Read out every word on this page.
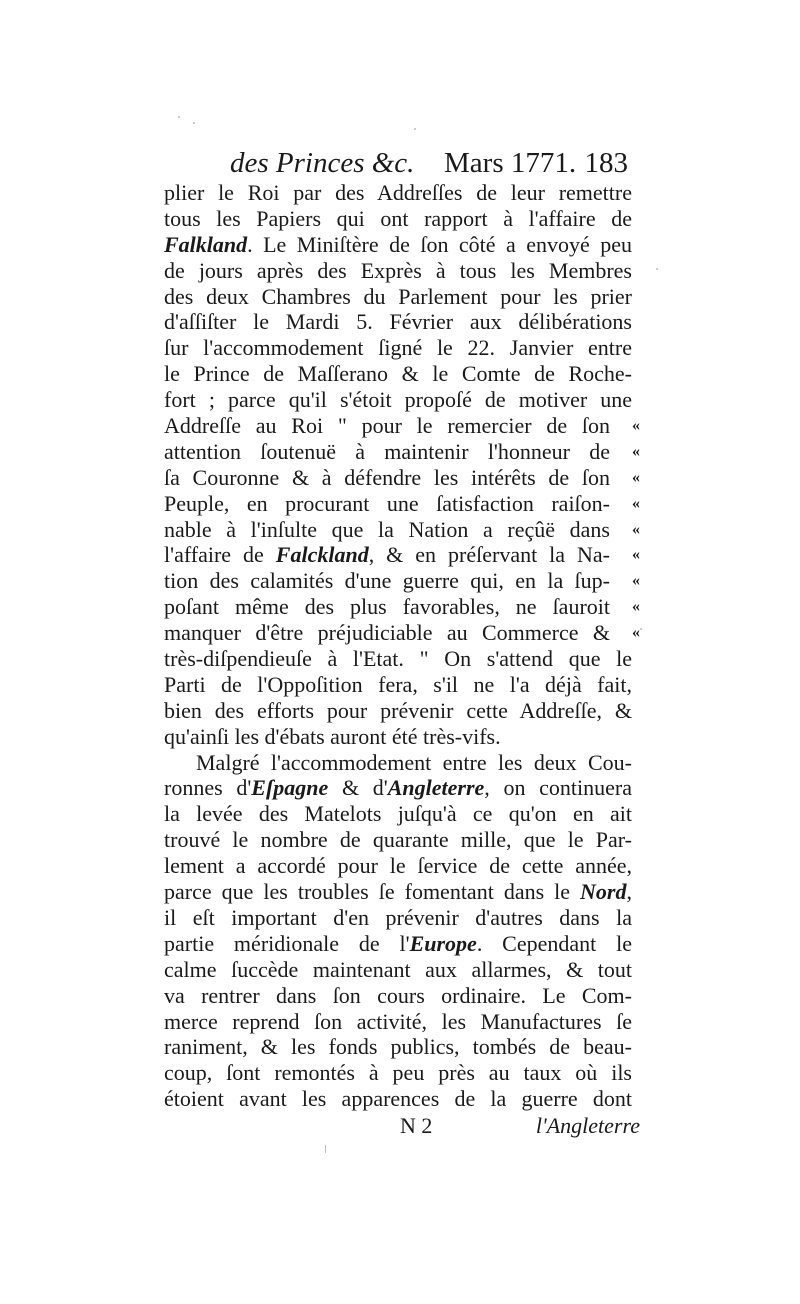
des Princes &c. Mars 1771. 183
plier le Roi par des Addreſſes de leur remettre
tous les Papiers qui ont rapport à l'affaire de
Falkland. Le Miniſtère de ſon côté a envoyé peu
de jours après des Exprès à tous les Membres
des deux Chambres du Parlement pour les prier
d'aſſiſter le Mardi 5. Février aux délibérations
ſur l'accommodement ſigné le 22. Janvier entre
le Prince de Maſſerano & le Comte de Roche-
fort ; parce qu'il s'étoit propoſé de motiver une
Addreſſe au Roi " pour le remercier de ſon «
attention ſoutenuë à maintenir l'honneur de «
ſa Couronne & à défendre les intérêts de ſon «
Peuple, en procurant une ſatisfaction raiſon- «
nable à l'inſulte que la Nation a reçûë dans «
l'affaire de Falckland, & en préſervant la Na- «
tion des calamités d'une guerre qui, en la ſup- «
poſant même des plus favorables, ne ſauroit «
manquer d'être préjudiciable au Commerce & «
très-diſpendieuſe à l'Etat. " On s'attend que le
Parti de l'Oppoſition fera, s'il ne l'a déjà fait,
bien des efforts pour prévenir cette Addreſſe, &
qu'ainſi les d'ébats auront été très-vifs.
Malgré l'accommodement entre les deux Cou-
ronnes d'Eſpagne & d'Angleterre, on continuera
la levée des Matelots juſqu'à ce qu'on en ait
trouvé le nombre de quarante mille, que le Par-
lement a accordé pour le ſervice de cette année,
parce que les troubles ſe fomentant dans le Nord,
il eſt important d'en prévenir d'autres dans la
partie méridionale de l'Europe. Cependant le
calme ſuccède maintenant aux allarmes, & tout
va rentrer dans ſon cours ordinaire. Le Com-
merce reprend ſon activité, les Manufactures ſe
raniment, & les fonds publics, tombés de beau-
coup, ſont remontés à peu près au taux où ils
étoient avant les apparences de la guerre dont
N 2	l'Angleterre
